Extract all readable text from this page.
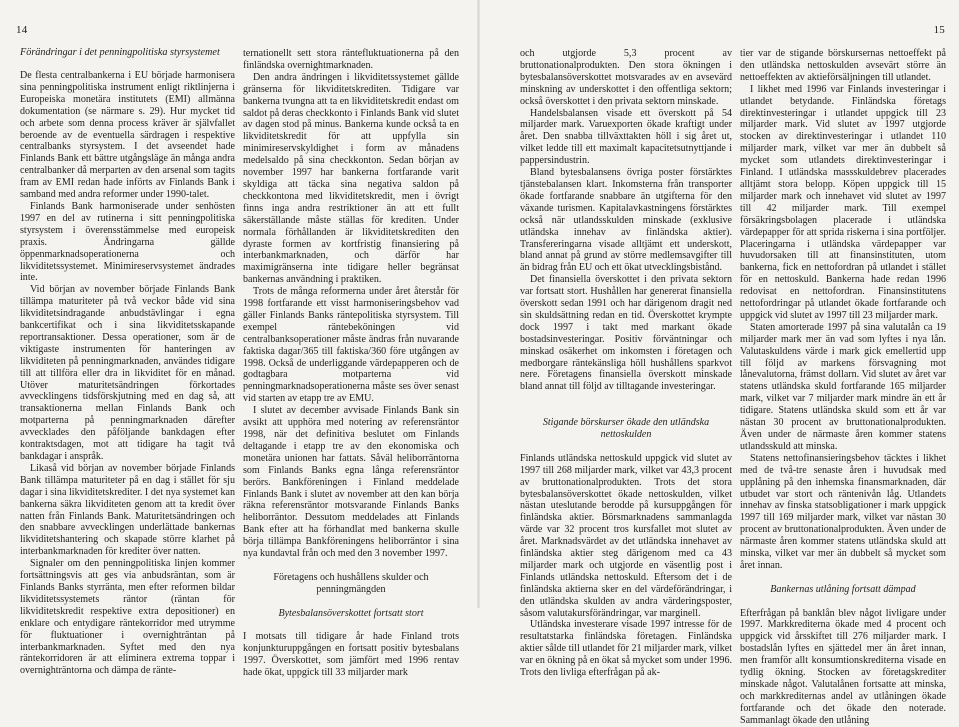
14
Förändringar i det penningpolitiska styrsystemet

De flesta centralbankerna i EU började harmonisera sina penningpolitiska instrument enligt riktlinjerna i Europeiska monetära institutets (EMI) allmänna dokumentation (se närmare s. 29). Hur mycket tid och arbete som denna process kräver är självfallet beroende av de eventuella särdragen i respektive centralbanks styrsystem. I det avseendet hade Finlands Bank ett bättre utgångsläge än många andra centralbanker då merparten av den arsenal som tagits fram av EMI redan hade införts av Finlands Bank i samband med andra reformer under 1990-talet.

Finlands Bank harmoniserade under senhösten 1997 en del av rutinerna i sitt penningpolitiska styrsystem i överensstämmelse med europeisk praxis. Ändringarna gällde öppenmarknadsoperationerna och likviditetssystemet. Minimireservsystemet ändrades inte.

Vid början av november började Finlands Bank tillämpa maturiteter på två veckor både vid sina likviditetsindragande anbudstävlingar i egna bankcertifikat och i sina likviditetsskapande reportransaktioner. Dessa operationer, som är de viktigaste instrumenten för hanteringen av likviditeten på penningmarknaden, användes tidigare till att tillföra eller dra in likviditet för en månad. Utöver maturitetsändringen förkortades avvecklingens tidsförskjutning med en dag så, att transaktionerna mellan Finlands Bank och motparterna på penningmarknaden därefter avvecklades den påföljande bankdagen efter kontraktsdagen, mot att tidigare ha tagit två bankdagar i anspråk.

Likaså vid början av november började Finlands Bank tillämpa maturiteter på en dag i stället för sju dagar i sina likviditetskrediter. I det nya systemet kan bankerna säkra likviditeten genom att ta kredit över natten från Finlands Bank. Maturitetsändringen och den snabbare avvecklingen underlättade bankernas likviditetshantering och skapade större klarhet på interbankmarknaden för krediter över natten.

Signaler om den penningpolitiska linjen kommer fortsättningsvis att ges via anbudsräntan, som är Finlands Banks styrränta, men efter reformen bildar likviditetssystemets räntor (räntan för likviditetskredit respektive extra depositioner) en enklare och entydigare räntekorridor med utrymme för fluktuationer i overnighträntan på interbankmarknaden. Syftet med den nya räntekorridoren är att eliminera extrema toppar i overnighträntorna och dämpa de ränte-

ternationellt sett stora räntefluktuationerna på den finländska overnightmarknaden.

Den andra ändringen i likviditetssystemet gällde gränserna för likviditetskrediten. Tidigare var bankerna tvungna att ta en likviditetskredit endast om saldot på deras checkkonto i Finlands Bank vid slutet av dagen stod på minus. Bankerna kunde också ta en likviditetskredit för att uppfylla sin minimireservskyldighet i form av månadens medelsaldo på sina checkkonton. Sedan början av november 1997 har bankerna fortfarande varit skyldiga att täcka sina negativa saldon på checkkontona med likviditetskredit, men i övrigt finns inga andra restriktioner än att ett fullt säkerställande måste ställas för krediten. Under normala förhållanden är likviditetskrediten den dyraste formen av kortfristig finansiering på interbankmarknaden, och därför har maximigränserna inte tidigare heller begränsat bankernas användning i praktiken.

Trots de många reformerna under året återstår för 1998 fortfarande ett visst harmoniseringsbehov vad gäller Finlands Banks räntepolitiska styrsystem. Till exempel räntebeköningen vid centralbanksoperationer måste ändras från nuvarande faktiska dagar/365 till faktiska/360 före utgången av 1998. Också de underliggande värdepapperen och de godtagbara motparterna vid penningmarknadsoperationerna måste ses över senast vid starten av etapp tre av EMU.

I slutet av december avvisade Finlands Bank sin avsikt att upphöra med notering av referensräntor 1998, när det definitiva beslutet om Finlands deltagande i etapp tre av den ekonomiska och monetära unionen har fattats. Såväl heliborräntorna som Finlands Banks egna långa referensräntor berörs. Bankföreningen i Finland meddelade Finlands Bank i slutet av november att den kan börja räkna referensräntor motsvarande Finlands Banks heliborräntor. Dessutom meddelades att Finlands Bank efter att ha förhandlat med bankerna skulle börja tillämpa Bankföreningens heliborräntor i sina nya kundavtal från och med den 3 november 1997.

Företagens och hushållens skulder och penningmängden

Bytesbalansöverskottet fortsatt stort

I motsats till tidigare år hade Finland trots konjunkturuppgången en fortsatt positiv bytesbalans 1997. Överskottet, som jämfört med 1996 rentav hade ökat, uppgick till 33 miljarder mark

15

och utgjorde 5,3 procent av bruttonationalprodukten. Den stora ökningen i bytesbalansöverskottet motsvarades av en avsevärd minskning av underskottet i den offentliga sektorn; också överskottet i den privata sektorn minskade.

Handelsbalansen visade ett överskott på 54 miljarder mark. Varuexporten ökade kraftigt under året. Den snabba tillväxttakten höll i sig året ut, vilket ledde till ett maximalt kapacitetsutnyttjande i pappersindustrin.

Bland bytesbalansens övriga poster förstärktes tjänstebalansen klart. Inkomsterna från transporter ökade fortfarande snabbare än utgifterna för den växande turismen. Kapitalavkastningens förstärktes också när utlandsskulden minskade (exklusive utländska innehav av finländska aktier). Transfereringarna visade alltjämt ett underskott, bland annat på grund av större medlemsavgifter till än bidrag från EU och ett ökat utvecklingsbistånd.

Det finansiella överskottet i den privata sektorn var fortsatt stort. Hushållen har genererat finansiella överskott sedan 1991 och har därigenom dragit ned sin skuldsättning redan en tid. Överskottet krympte dock 1997 i takt med markant ökade bostadsinvesteringar. Positiv förväntningar och minskad osäkerhet om inkomsten i företagen och medborgare räntekänsliga höll hushållens sparkvot nere. Företagens finansiella överskott minskade bland annat till följd av tilltagande investeringar.

Stigande börskurser ökade den utländska nettoskulden

Finlands utländska nettoskuld uppgick vid slutet av 1997 till 268 miljarder mark, vilket var 43,3 procent av bruttonationalprodukten. Trots det stora bytesbalansöverskottet ökade nettoskulden, vilket nästan uteslutande berodde på kursuppgången för finländska aktier. Börsmarknadens sammanlagda värde var 32 procent tros kursfallet mot slutet av året. Marknadsvärdet av det utländska innehavet av finländska aktier steg därigenom med ca 43 miljarder mark och utgjorde en väsentlig post i Finlands utländska nettoskuld. Eftersom det i de finländska aktierna sker en del värdeförändringar, i den utländska skulden av andra värderingsposter, såsom valutakursförändringar, var marginell.

Utländska investerare visade 1997 intresse för de resultatstarka finländska företagen. Finländska aktier sålde till utlandet för 21 miljarder mark, vilket var en ökning på en ökat så mycket som under 1996. Trots den livliga efterfrågan på ak-

tier var de stigande börskursernas nettoeffekt på den utländska nettoskulden avsevärt större än nettoeffekten av aktieförsäljningen till utlandet.

I likhet med 1996 var Finlands investeringar i utlandet betydande. Finländska företags direktinvesteringar i utlandet uppgick till 23 miljarder mark. Vid slutet av 1997 utgjorde stocken av direktinvesteringar i utlandet 110 miljarder mark, vilket var mer än dubbelt så mycket som utlandets direktinvesteringar i Finland. I utländska massskuldebrev placerades alltjämt stora belopp. Köpen uppgick till 15 miljarder mark och innehavet vid slutet av 1997 till 42 miljarder mark. Till exempel försäkringsbolagen placerade i utländska värdepapper för att sprida riskerna i sina portföljer. Placeringarna i utländska värdepapper var huvudorsaken till att finansinstituten, utom bankerna, fick en nettofordran på utlandet i stället för en nettoskuld. Bankerna hade redan 1996 redovisat en nettofordran. Finansinstitutens nettofordringar på utlandet ökade fortfarande och uppgick vid slutet av 1997 till 23 miljarder mark.

Staten amorterade 1997 på sina valutalån ca 19 miljarder mark mer än vad som lyftes i nya lån. Valutaskuldens värde i mark gick emellertid upp till följd av markens försvagning mot lånevalutorna, främst dollarn. Vid slutet av året var statens utländska skuld fortfarande 165 miljarder mark, vilket var 7 miljarder mark mindre än ett år tidigare. Statens utländska skuld som ett år var nästan 30 procent av bruttonationalprodukten. Även under de närmaste åren kommer statens utlandsskuld att minska.

Statens nettofinansieringsbehov täcktes i likhet med de två-tre senaste åren i huvudsak med upplåning på den inhemska finansmarknaden, där utbudet var stort och räntenivån låg. Utlandets innehav av finska statsobligationer i mark uppgick 1997 till 169 miljarder mark, vilket var nästan 30 procent av bruttonationalprodukten. Även under de närmaste åren kommer statens utländska skuld att minska, vilket var mer än dubbelt så mycket som året innan.

Bankernas utlåning fortsatt dämpad

Efterfrågan på banklån blev något livligare under 1997. Markkrediterna ökade med 4 procent och uppgick vid årsskiftet till 276 miljarder mark. I bostadslån lyftes en sjättedel mer än året innan, men framför allt konsumtionskrediterna visade en tydlig ökning. Stocken av företagskrediter minskade något. Valutalånen fortsatte att minska, och markkrediternas andel av utlåningen ökade fortfarande och det ökade den noterade. Sammanlagt ökade den utlåning
